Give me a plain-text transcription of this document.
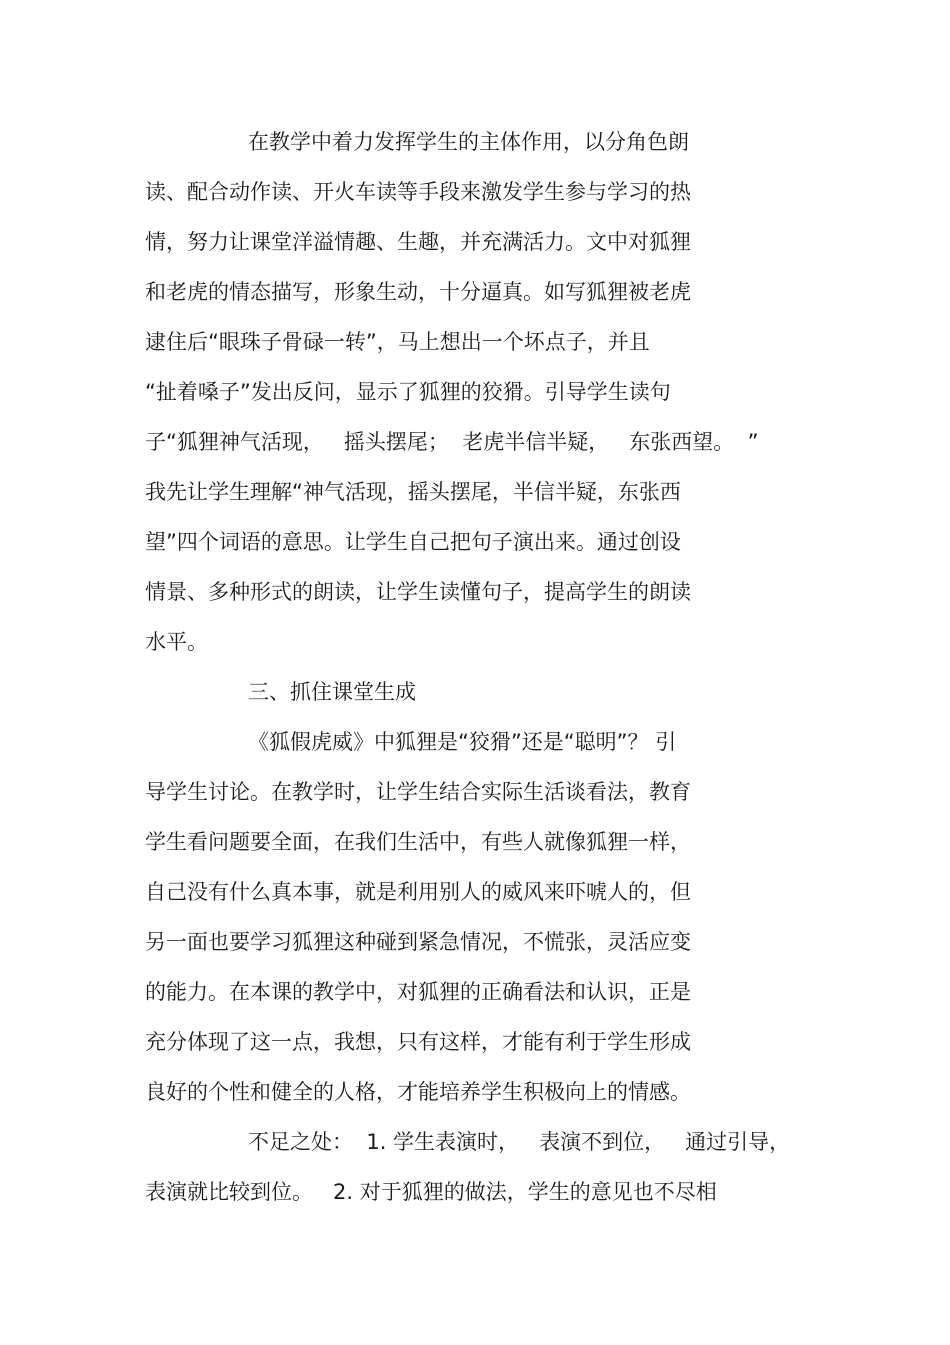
在教学中着力发挥学生的主体作用，以分角色朗
读、配合动作读、开火车读等手段来激发学生参与学习的热
情，努力让课堂洋溢情趣、生趣，并充满活力。文中对狐狸
和老虎的情态描写，形象生动，十分逼真。如写狐狸被老虎
逮住后“眼珠子骨碌一转”，马上想出一个坏点子，并且
“扯着嗓子”发出反问，显示了狐狸的狡猾。引导学生读句
子“狐狸神气活现，   摇头摆尾；  老虎半信半疑，   东张西望。  ”
我先让学生理解“神气活现，摇头摆尾，半信半疑，东张西
望”四个词语的意思。让学生自己把句子演出来。通过创设
情景、多种形式的朗读，让学生读懂句子，提高学生的朗读
水平。
三、抓住课堂生成
《狐假虎威》中狐狸是“狡猾”还是“聪明”？ 引
导学生讨论。在教学时，让学生结合实际生活谈看法，教育
学生看问题要全面，在我们生活中，有些人就像狐狸一样，
自己没有什么真本事，就是利用别人的威风来吓唬人的，但
另一面也要学习狐狸这种碰到紧急情况，不慌张，灵活应变
的能力。在本课的教学中，对狐狸的正确看法和认识，正是
充分体现了这一点，我想，只有这样，才能有利于学生形成
良好的个性和健全的人格，才能培养学生积极向上的情感。
不足之处：  1. 学生表演时，   表演不到位，   通过引导，
表演就比较到位。   2. 对于狐狸的做法，学生的意见也不尽相
